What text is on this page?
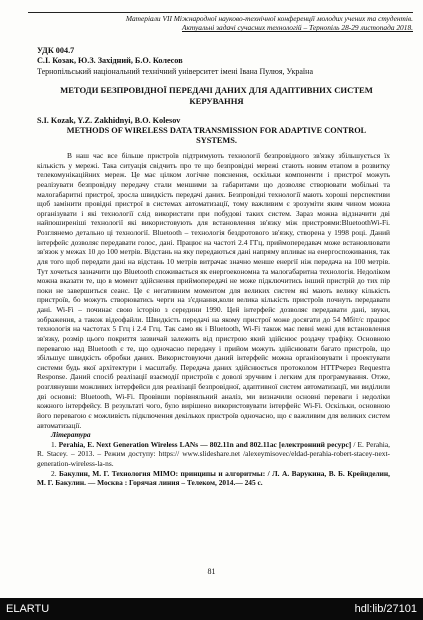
Матеріали VII Міжнародної науково-технічної конференції молодих учених та студентів.
Актуальні задачі сучасних технологій – Тернопіль 28-29 листопада 2018.
УДК 004.7
С.І. Козак, Ю.З. Західний, Б.О. Колесов
Тернопільський національний технічний університет імені Івана Пулюя, Україна
МЕТОДИ БЕЗПРОВІДНОЇ ПЕРЕДАЧІ ДАНИХ ДЛЯ АДАПТИВНИХ СИСТЕМ КЕРУВАННЯ
S.I. Kozak, Y.Z. Zakhidnyi, B.O. Kolesov
METHODS OF WIRELESS DATA TRANSMISSION FOR ADAPTIVE CONTROL SYSTEMS.

В наш час все більше пристроїв підтримують технології безпровідного зв'язку збільшується їх кількість у мережі. Така ситуація свідчить про те що безпровідні мережі стають новим етапом в розвитку телекомунікаційних мереж. Це має цілком логічне пояснення, оскільки компоненти і пристрої можуть реалізувати безпровідну передачу стали меншими за габаритами що дозволяє створювати мобільні та малогабаритні пристрої, зросла швидкість передачі даних. Безпровідні технології мають хороші перспективи щоб замінити провідні пристрої в системах автоматизації, тому важливим є зрозуміти яким чином можна організувати і які технології слід використати при побудові таких систем. Зараз можна відзначити дві найпоширеніші технології які використовують для встановлення зв'язку між пристроями:BluetoothWi-Fi. Розглянемо детально ці технології. Bluetooth – технологія бездротового зв'язку, створена у 1998 році. Даний інтерфейс дозволяє передавати голос, дані. Працює на частоті 2.4 ГГц, приймопередавач може встановлювати зв'язок у межах 10 до 100 метрів. Відстань на яку передаються дані напряму впливає на енергоспоживання, так для того щоб передати дані на відстань 10 метрів витрачає значно менше енергії ніж передача на 100 метрів. Тут хочеться зазначити що Bluetooth споживається як енергоекономна та малогабаритна технологія. Недоліком можна вказати те, що в момент здійснення приймопередачі не може підключитись інший пристрій до тих пір поки не завершиться сеанс. Це є негативним моментом для великих систем які мають велику кількість пристроїв, бо можуть створюватись черги на з'єднання,коли велика кількість пристроїв почнуть передавати дані. Wi-Fi – починає свою історію з середини 1990. Цей інтерфейс дозволяє передавати дані, звуки, зображення, а також відеофайли. Швидкість передачі на якому пристрої може досягати до 54 Мбіт/с працює технологія на частотах 5 Ггц і 2.4 Ггц. Так само як і Bluetooth, Wi-Fi також має певні межі для встановлення зв'язку, розмір цього покриття зазвичай залежить від пристрою який здійснює роздачу трафіку. Основною перевагою над Bluetooth є те, що одночасно передачу і прийом можуть здійснювати багато пристроїв, що збільшує швидкість обробки даних. Використовуючи даний інтерфейс можна організовувати і проектувати системи будь якої архітектури і масштабу. Передача даних здійснюється протоколом HTTPчерез Requestта Response. Даний спосіб реалізації взаємодії пристроїв є доволі зручним і легким для програмування. Отже, розглянувши можливих інтерфейси для реалізації безпровідної, адаптивної систем автоматизації, ми виділили дві основні: Bluetooth, Wi-Fi. Провівши порівняльний аналіз, ми визначили основні переваги і недоліки кожного інтерфейсу. В результаті чого, було вирішено використовувати інтерфейс Wi-Fi. Оскільки, основною його перевагою є можливість підключення декількох пристроїв одночасно, що є важливим для великих систем автоматизації.

Література

1. Perahia, E. Next Generation Wireless LANs — 802.11n and 802.11ac [електронний ресурс] / E. Perahia, R. Stacey. – 2013. – Режим доступу: https:// www.slideshare.net /alexeymisovec/eldad-perahia-robert-stacey-next-generation-wireless-la-ns.

2. Бакулин, М. Г. Технология MIMO: принципы и алгоритмы: / Л. А. Варукина, В. Б. Крейнделин, М. Г. Бакулин. — Москва : Горячая линия – Телеком, 2014.— 245 с.

81
ELARTU	hdl:lib/27101
